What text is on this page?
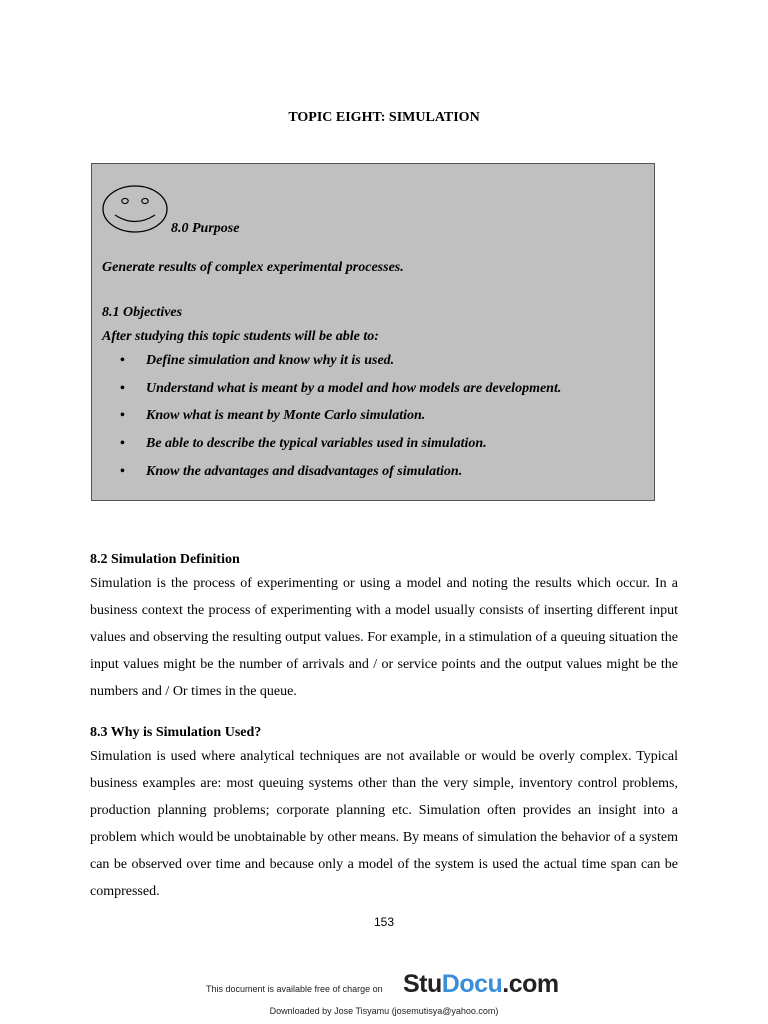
TOPIC EIGHT: SIMULATION
8.0 Purpose
Generate results of complex experimental processes.
8.1 Objectives
After studying this topic students will be able to:
• Define simulation and know why it is used.
• Understand what is meant by a model and how models are development.
• Know what is meant by Monte Carlo simulation.
• Be able to describe the typical variables used in simulation.
• Know the advantages and disadvantages of simulation.
8.2 Simulation Definition
Simulation is the process of experimenting or using a model and noting the results which occur. In a business context the process of experimenting with a model usually consists of inserting different input values and observing the resulting output values. For example, in a stimulation of a queuing situation the input values might be the number of arrivals and / or service points and the output values might be the numbers and / Or times in the queue.
8.3 Why is Simulation Used?
Simulation is used where analytical techniques are not available or would be overly complex. Typical business examples are: most queuing systems other than the very simple, inventory control problems, production planning problems; corporate planning etc. Simulation often provides an insight into a problem which would be unobtainable by other means. By means of simulation the behavior of a system can be observed over time and because only a model of the system is used the actual time span can be compressed.
153
This document is available free of charge on StuDocu.com
Downloaded by Jose Tisyamu (josemutisya@yahoo.com)
